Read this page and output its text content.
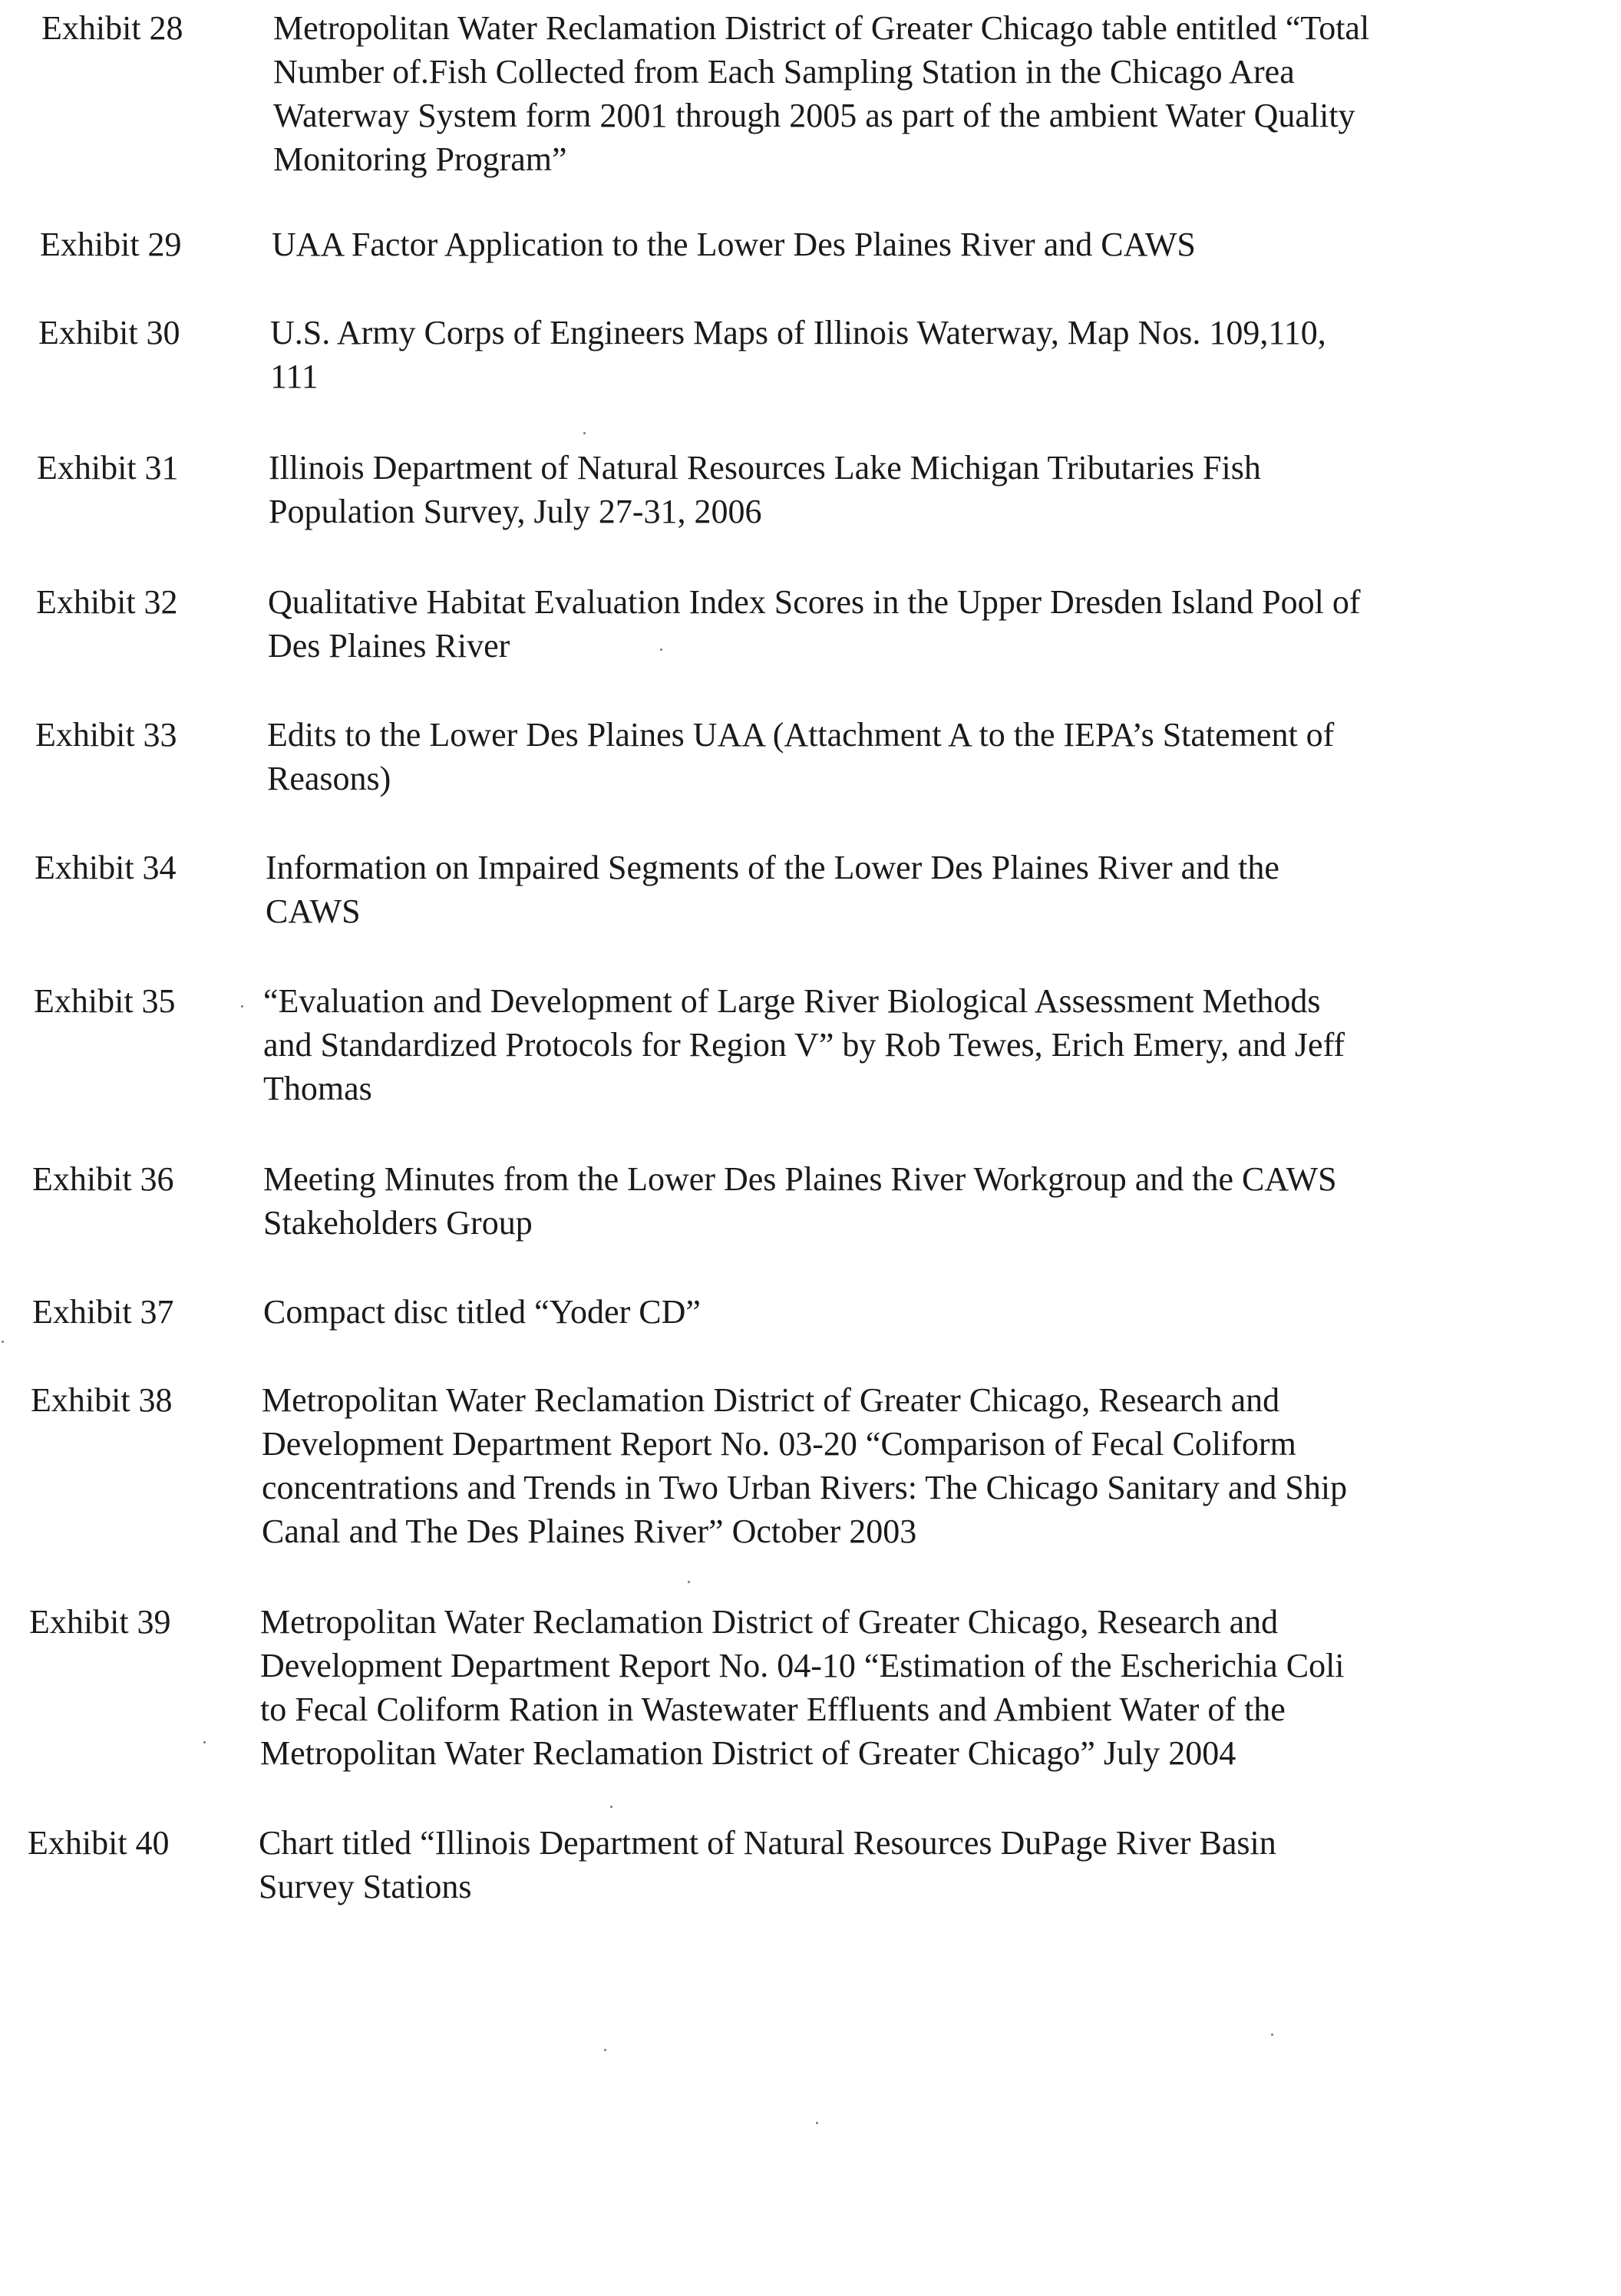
Exhibit 28	Metropolitan Water Reclamation District of Greater Chicago table entitled “Total
Number of.Fish Collected from Each Sampling Station in the Chicago Area
Waterway System form 2001 through 2005 as part of the ambient Water Quality
Monitoring Program”
Exhibit 29	UAA Factor Application to the Lower Des Plaines River and CAWS
Exhibit 30	U.S. Army Corps of Engineers Maps of Illinois Waterway, Map Nos. 109,110,
111
Exhibit 31	Illinois Department of Natural Resources Lake Michigan Tributaries Fish
Population Survey, July 27-31, 2006
Exhibit 32	Qualitative Habitat Evaluation Index Scores in the Upper Dresden Island Pool of
Des Plaines River
Exhibit 33	Edits to the Lower Des Plaines UAA (Attachment A to the IEPA’s Statement of
Reasons)
Exhibit 34	Information on Impaired Segments of the Lower Des Plaines River and the
CAWS
Exhibit 35	“Evaluation and Development of Large River Biological Assessment Methods
and Standardized Protocols for Region V” by Rob Tewes, Erich Emery, and Jeff
Thomas
Exhibit 36	Meeting Minutes from the Lower Des Plaines River Workgroup and the CAWS
Stakeholders Group
Exhibit 37	Compact disc titled “Yoder CD”
Exhibit 38	Metropolitan Water Reclamation District of Greater Chicago, Research and
Development Department Report No. 03-20 “Comparison of Fecal Coliform
concentrations and Trends in Two Urban Rivers: The Chicago Sanitary and Ship
Canal and The Des Plaines River” October 2003
Exhibit 39	Metropolitan Water Reclamation District of Greater Chicago, Research and
Development Department Report No. 04-10 “Estimation of the Escherichia Coli
to Fecal Coliform Ration in Wastewater Effluents and Ambient Water of the
Metropolitan Water Reclamation District of Greater Chicago” July 2004
Exhibit 40	Chart titled “Illinois Department of Natural Resources DuPage River Basin
Survey Stations
